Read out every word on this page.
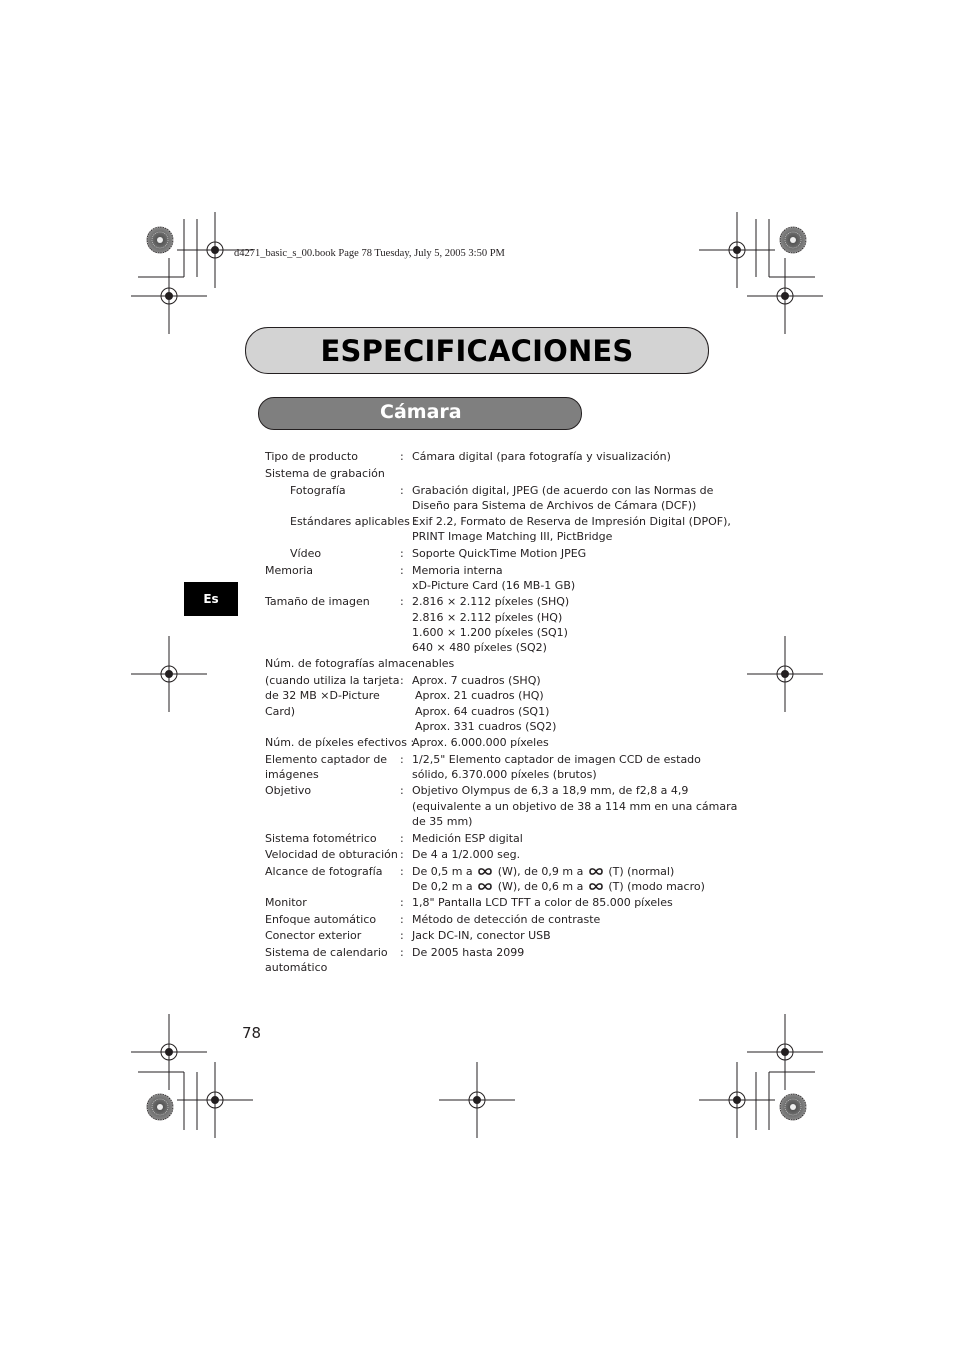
d4271_basic_s_00.book Page 78 Tuesday, July 5, 2005 3:50 PM
ESPECIFICACIONES
Cámara
Es
Tipo de producto	: Cámara digital (para fotografía y visualización)
Sistema de grabación
Fotografía	: Grabación digital, JPEG (de acuerdo con las Normas de
Diseño para Sistema de Archivos de Cámara (DCF))
Estándares aplicables :
Exif 2.2, Formato de Reserva de Impresión Digital (DPOF),
PRINT Image Matching III, PictBridge
Vídeo	: Soporte QuickTime Motion JPEG
Memoria	: Memoria interna
xD-Picture Card (16 MB-1 GB)
Tamaño de imagen	: 2.816 × 2.112 píxeles (SHQ)
2.816 × 2.112 píxeles (HQ)
1.600 × 1.200 píxeles (SQ1)
640 × 480 píxeles (SQ2)
Núm. de fotografías almacenables
(cuando utiliza la tarjeta
de 32 MB ×D-Picture
Card)
: Aprox. 7 cuadros (SHQ)
Aprox. 21 cuadros (HQ)
Aprox. 64 cuadros (SQ1)
Aprox. 331 cuadros (SQ2)
Núm. de píxeles efectivos :
Aprox. 6.000.000 píxeles
Elemento captador de
imágenes
: 1/2,5" Elemento captador de imagen CCD de estado
sólido, 6.370.000 píxeles (brutos)
Objetivo	: Objetivo Olympus de 6,3 a 18,9 mm, de f2,8 a 4,9
(equivalente a un objetivo de 38 a 114 mm en una cámara
de 35 mm)
Sistema fotométrico : Medición ESP digital
Velocidad de obturación : De 4 a 1/2.000 seg.
Alcance de fotografía : De 0,5 m a (W), de 0,9 m a (T) (normal)
De 0,2 m a (W), de 0,6 m a (T) (modo macro)
Monitor	: 1,8" Pantalla LCD TFT a color de 85.000 píxeles
Enfoque automático : Método de detección de contraste
Conector exterior	: Jack DC-IN, conector USB
Sistema de calendario
automático
: De 2005 hasta 2099
78
